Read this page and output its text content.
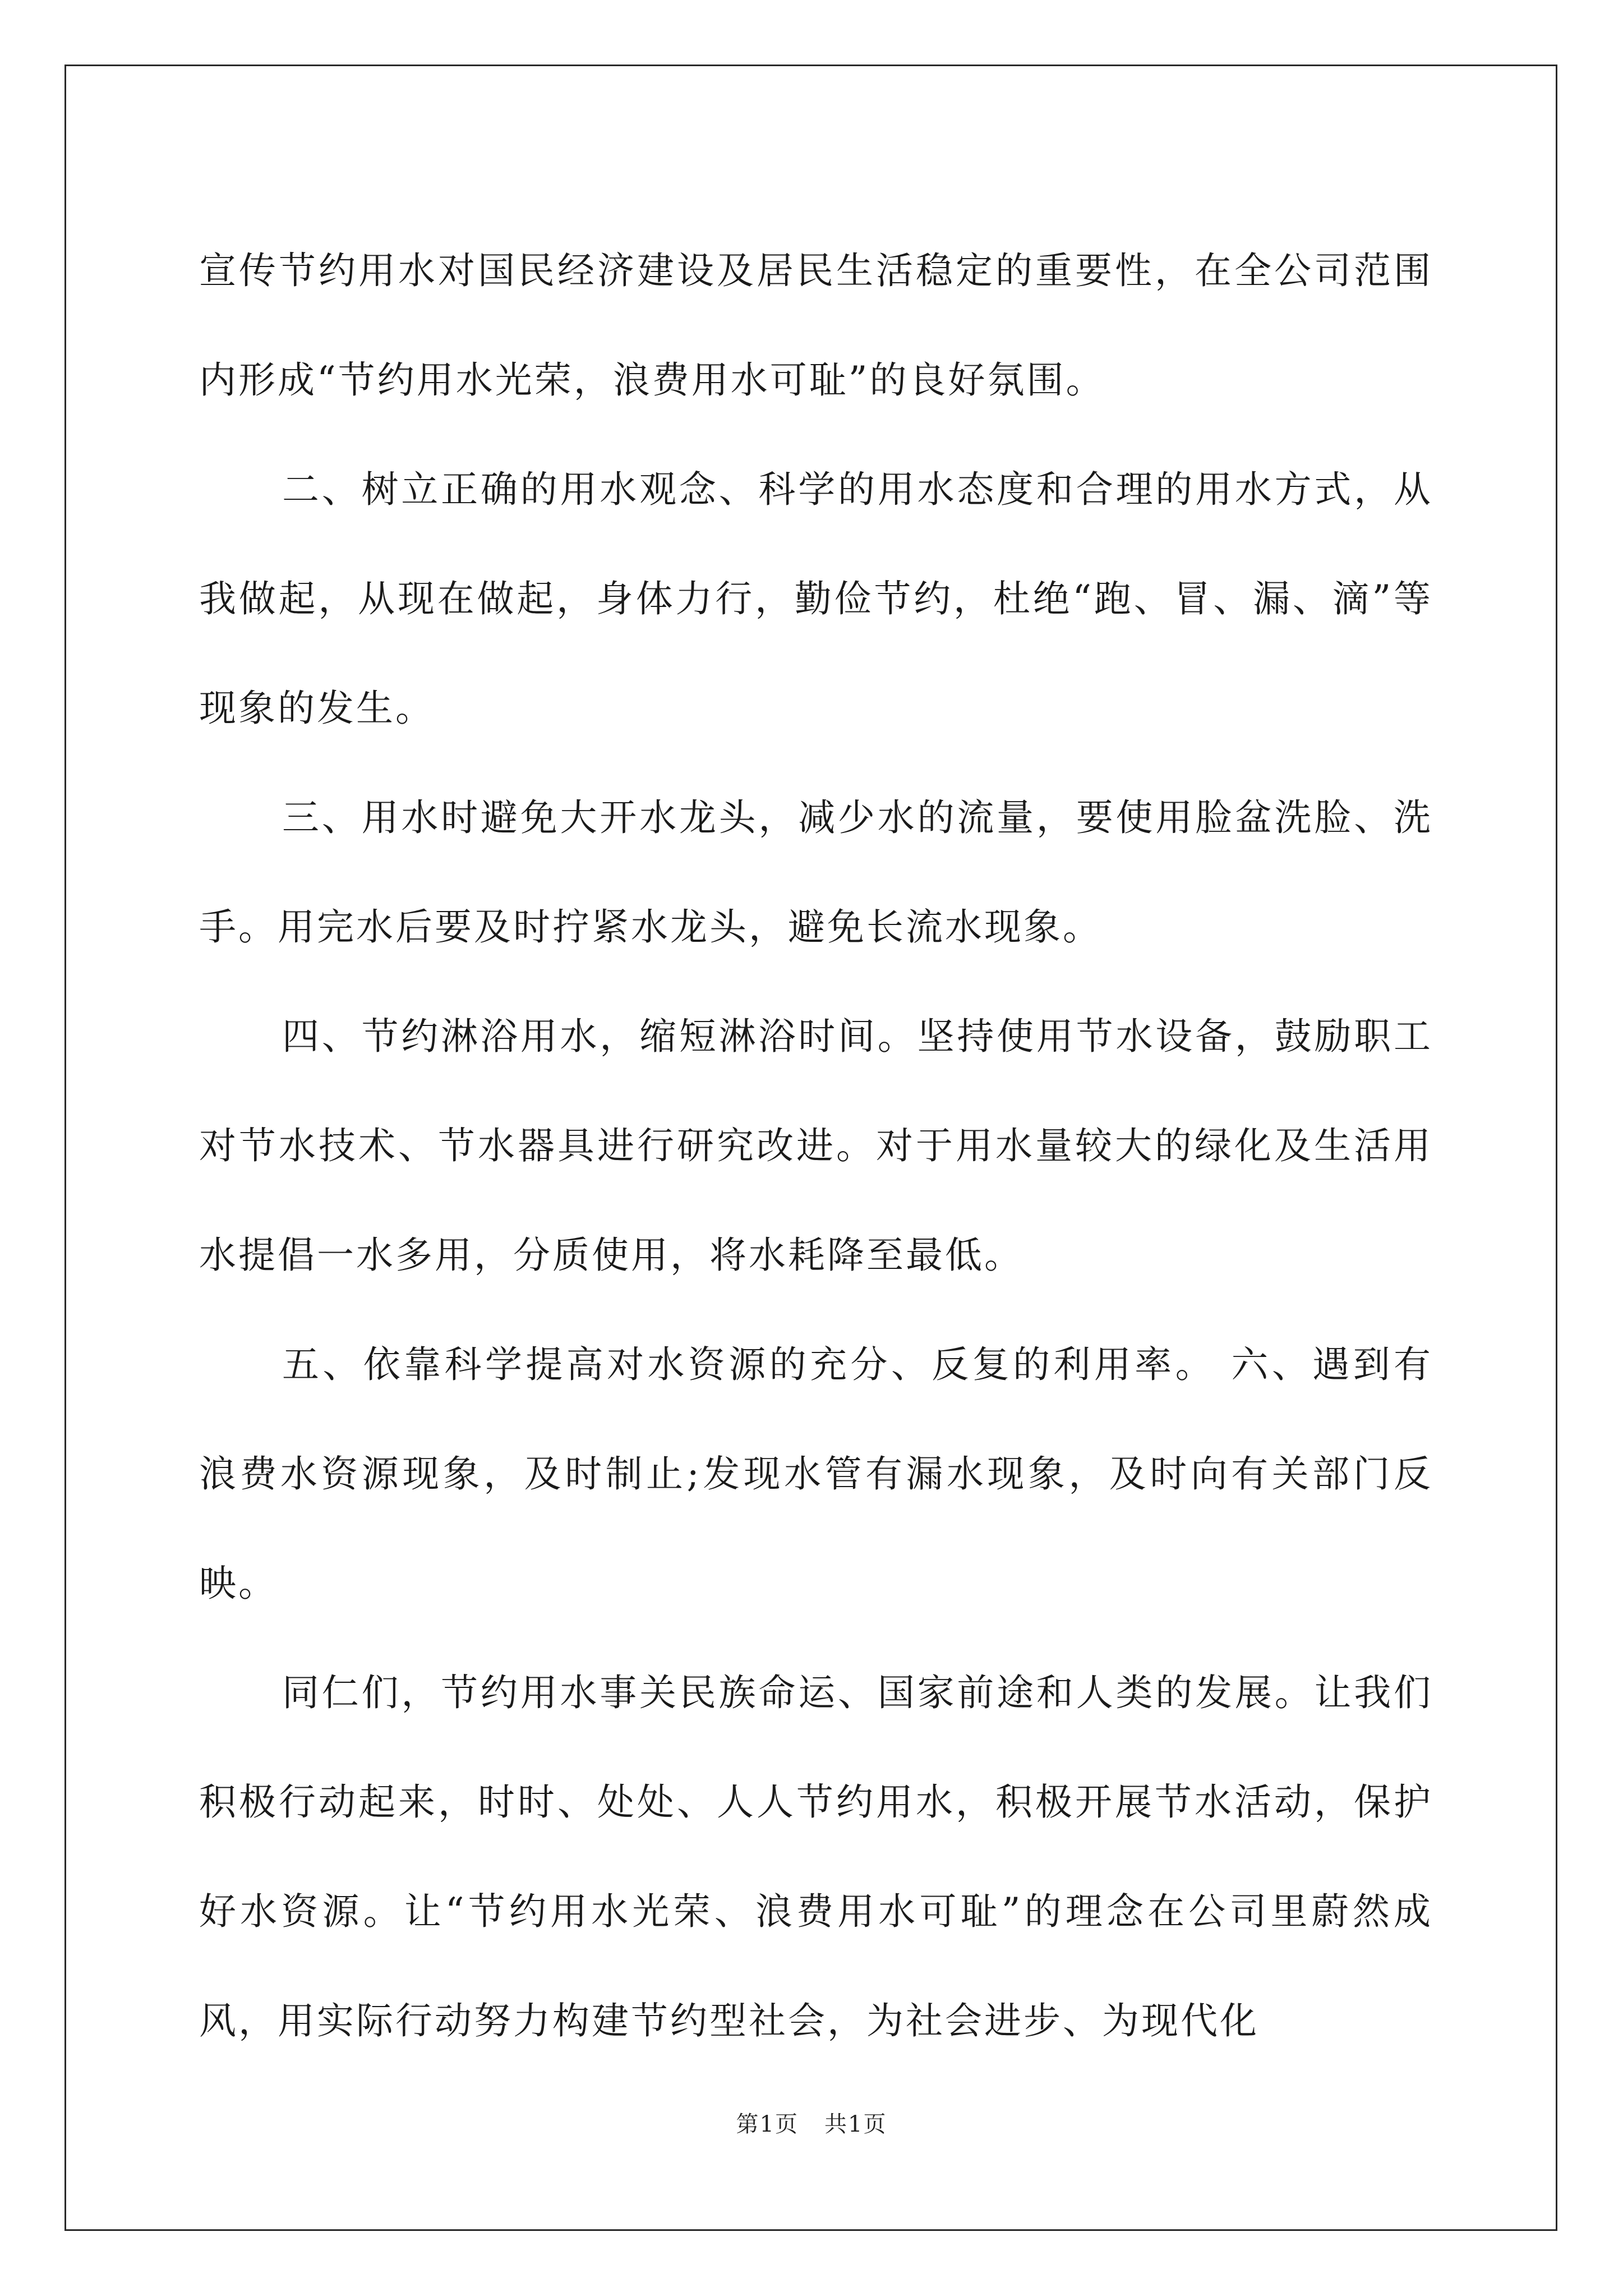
宣传节约用水对国民经济建设及居民生活稳定的重要性，在全公司范围内形成“节约用水光荣，浪费用水可耻”的良好氛围。

二、树立正确的用水观念、科学的用水态度和合理的用水方式，从我做起，从现在做起，身体力行，勤俭节约，杜绝“跑、冒、漏、滴”等现象的发生。

三、用水时避免大开水龙头，减少水的流量，要使用脸盆洗脸、洗手。用完水后要及时拧紧水龙头，避免长流水现象。

四、节约淋浴用水，缩短淋浴时间。坚持使用节水设备，鼓励职工对节水技术、节水器具进行研究改进。对于用水量较大的绿化及生活用水提倡一水多用，分质使用，将水耗降至最低。

五、依靠科学提高对水资源的充分、反复的利用率。 六、遇到有浪费水资源现象，及时制止;发现水管有漏水现象，及时向有关部门反映。

同仁们，节约用水事关民族命运、国家前途和人类的发展。让我们积极行动起来，时时、处处、人人节约用水，积极开展节水活动，保护好水资源。让“节约用水光荣、浪费用水可耻”的理念在公司里蔚然成风，用实际行动努力构建节约型社会，为社会进步、为现代化

第1页 共1页
